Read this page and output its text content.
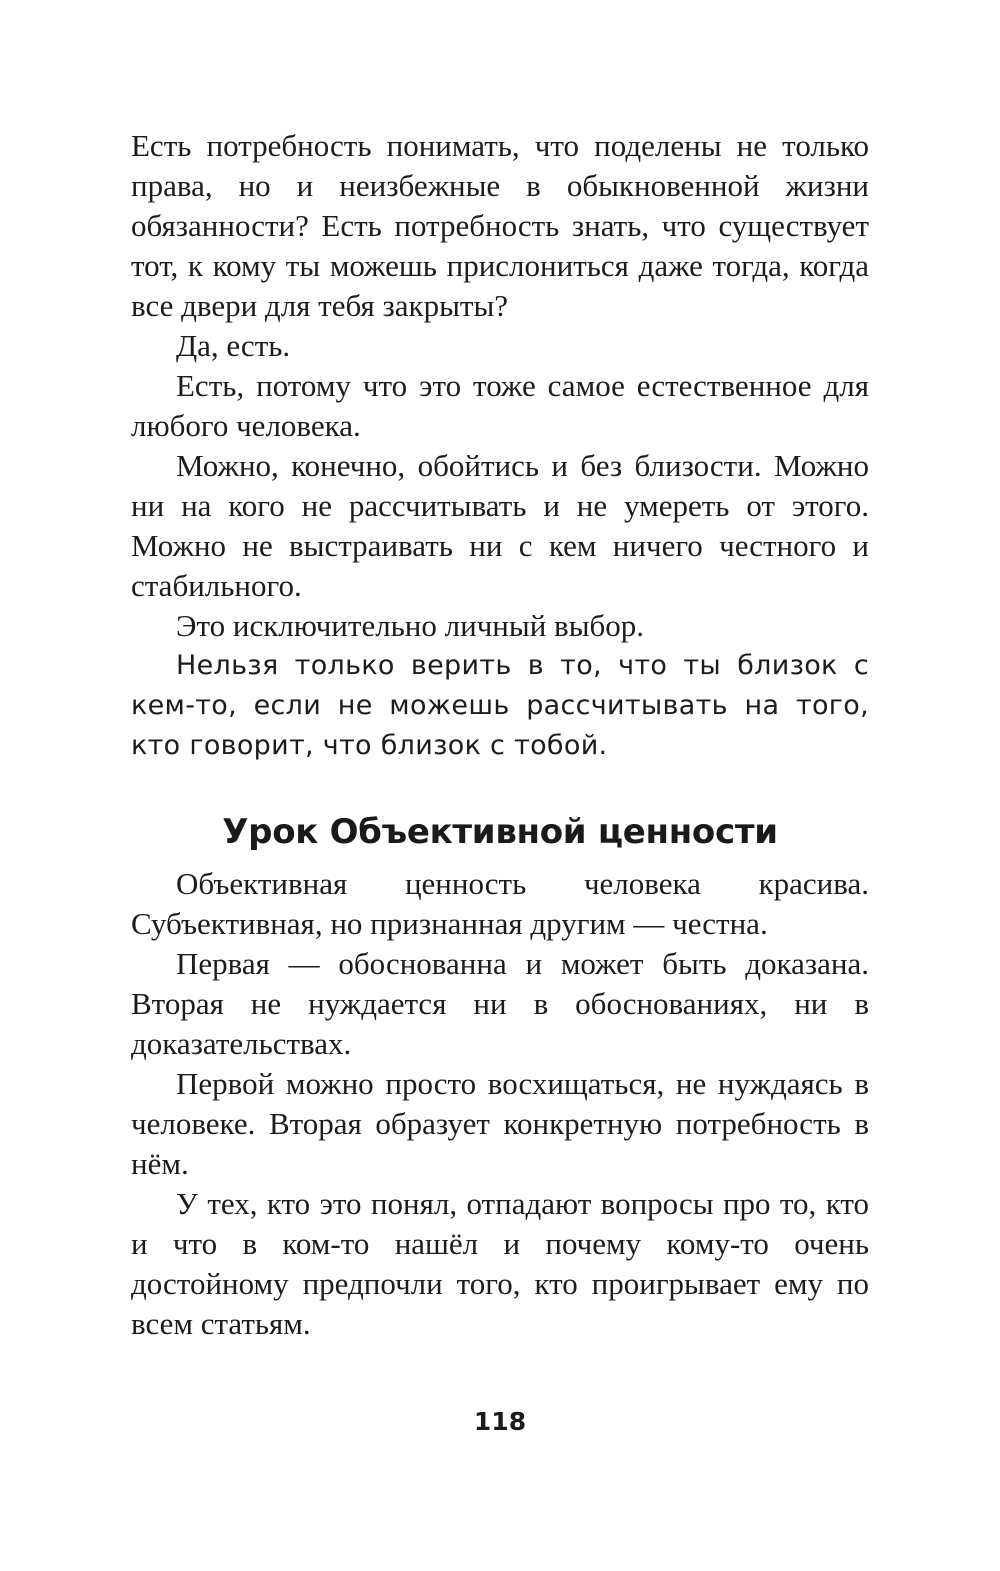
Есть потребность понимать, что поделены не только права, но и неизбежные в обыкновенной жизни обязанности? Есть потребность знать, что существует тот, к кому ты можешь прислониться даже тогда, когда все двери для тебя закрыты?

Да, есть.

Есть, потому что это тоже самое естественное для любого человека.

Можно, конечно, обойтись и без близости. Можно ни на кого не рассчитывать и не умереть от этого. Можно не выстраивать ни с кем ничего честного и стабильного.

Это исключительно личный выбор.

Нельзя только верить в то, что ты близок с кем-то, если не можешь рассчитывать на того, кто говорит, что близок с тобой.

Урок Объективной ценности

Объективная ценность человека красива. Субъективная, но признанная другим — честна.

Первая — обоснованна и может быть доказана. Вторая не нуждается ни в обоснованиях, ни в доказательствах.

Первой можно просто восхищаться, не нуждаясь в человеке. Вторая образует конкретную потребность в нём.

У тех, кто это понял, отпадают вопросы про то, кто и что в ком-то нашёл и почему кому-то очень достойному предпочли того, кто проигрывает ему по всем статьям.

118
